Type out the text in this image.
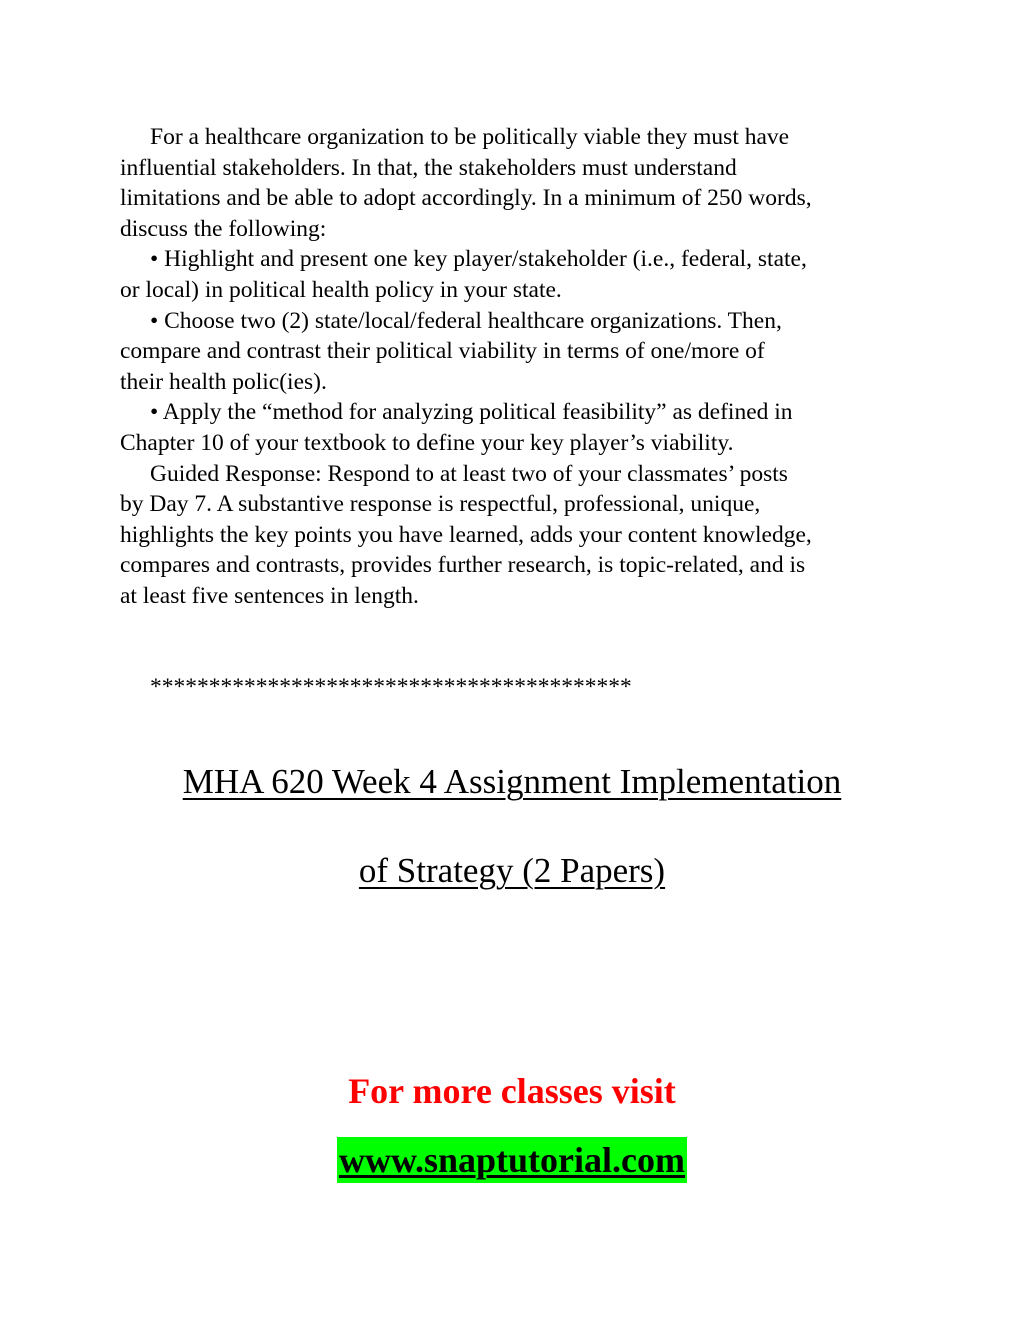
For a healthcare organization to be politically viable they must have
influential stakeholders. In that, the stakeholders must understand
limitations and be able to adopt accordingly. In a minimum of 250 words,
discuss the following:
• Highlight and present one key player/stakeholder (i.e., federal, state,
or local) in political health policy in your state.
• Choose two (2) state/local/federal healthcare organizations. Then,
compare and contrast their political viability in terms of one/more of
their health polic(ies).
• Apply the “method for analyzing political feasibility” as defined in
Chapter 10 of your textbook to define your key player’s viability.
Guided Response: Respond to at least two of your classmates’ posts
by Day 7. A substantive response is respectful, professional, unique,
highlights the key points you have learned, adds your content knowledge,
compares and contrasts, provides further research, is topic-related, and is
at least five sentences in length.
*****************************************
MHA 620 Week 4 Assignment Implementation
of Strategy (2 Papers)
For more classes visit
www.snaptutorial.com
